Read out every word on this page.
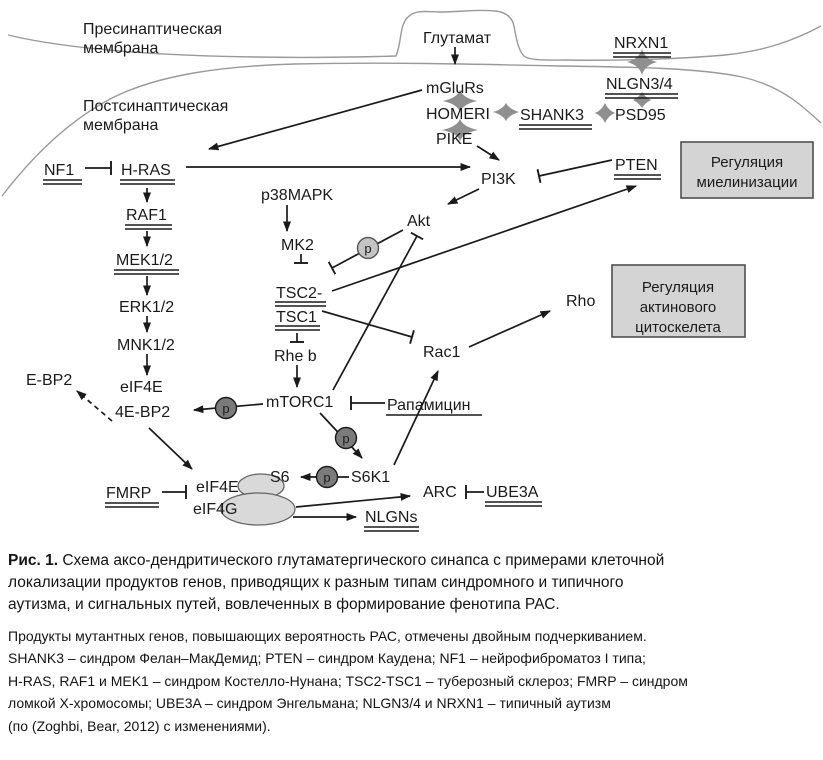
Пресинаптическая
мембрана
Постсинаптическая
мембрана
p
p
p
p
Глутамат
mGluRs
HOMERI
PIKE
SHANK3 PSD95
NRXN1
NLGN3/4
PTEN
PI3K
Akt
p38MAPK
MK2
TSC2-
TSC1
Rhe b
mTORC1	Рапамицин
Rac1
Rho
S6K1
S6
eIF4E
eIF4G
FMRP	ARC UBE3A
NLGNs
NF1	H-RAS
RAF1
MEK1/2
ERK1/2
MNK1/2
eIF4E
4E-BP2
E-BP2
Регуляция
миелинизации
Регуляция
актинового
цитоскелета

Рис. 1. Схема аксо-дендритического глутаматергического синапса с примерами клеточной
локализации продуктов генов, приводящих к разным типам синдромного и типичного
аутизма, и сигнальных путей, вовлеченных в формирование фенотипа РАС.

Продукты мутантных генов, повышающих вероятность РАС, отмечены двойным подчеркиванием.
SHANK3 – синдром Фелан–МакДемид; PTEN – синдром Каудена; NF1 – нейрофиброматоз I типа;
H-RAS, RAF1 и MEK1 – синдром Костелло-Нунана; TSC2-TSC1 – туберозный склероз; FMRP – синдром
ломкой Х-хромосомы; UBE3A – синдром Энгельмана; NLGN3/4 и NRXN1 – типичный аутизм
(по (Zoghbi, Bear, 2012) с изменениями).
